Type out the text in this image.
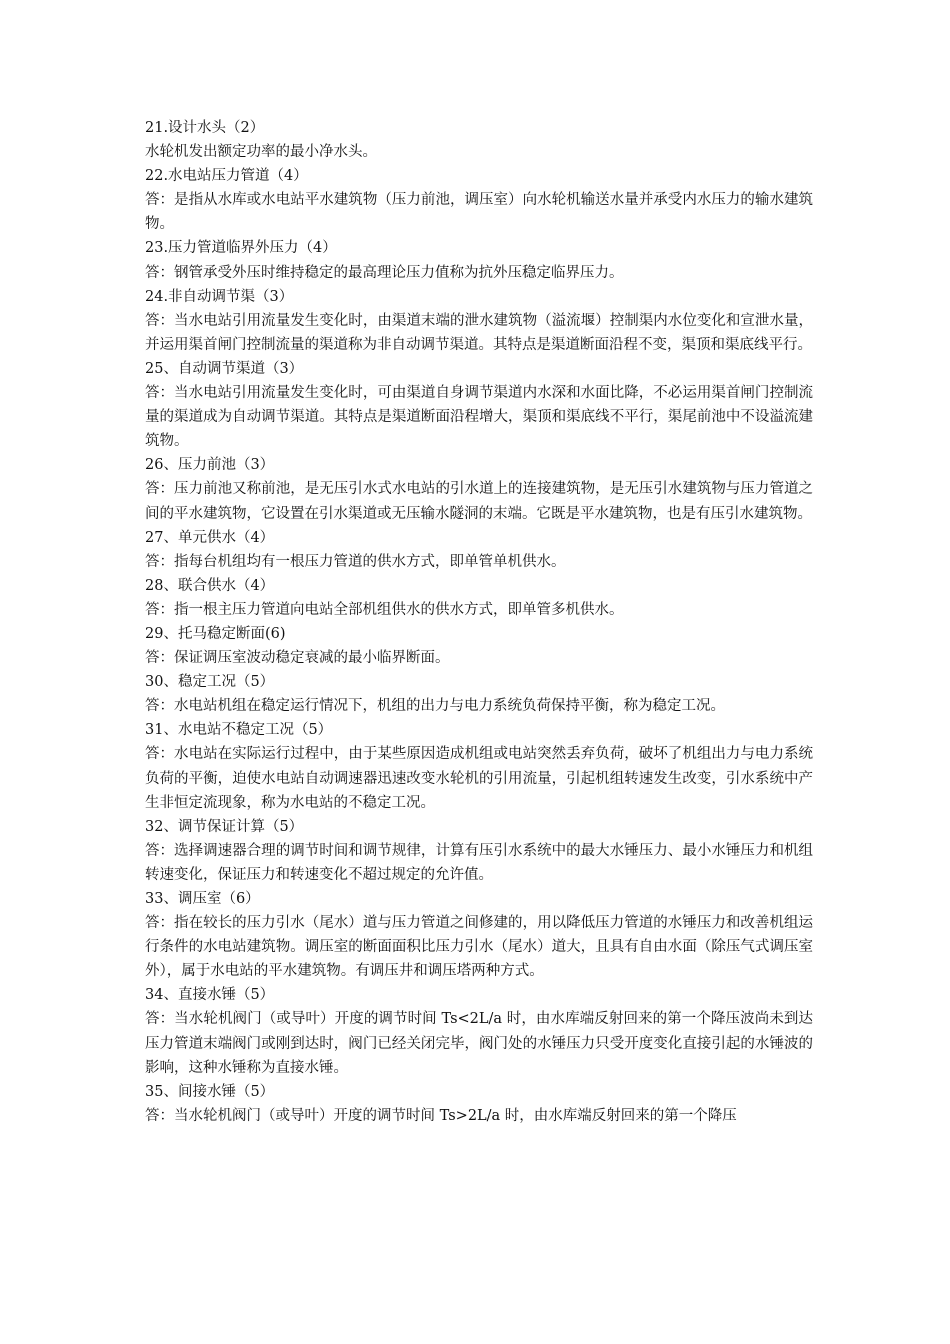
21.设计水头（2）

水轮机发出额定功率的最小净水头。

22.水电站压力管道（4）

答：是指从水库或水电站平水建筑物（压力前池，调压室）向水轮机输送水量并承受内水压力的输水建筑物。

23.压力管道临界外压力（4）

答：钢管承受外压时维持稳定的最高理论压力值称为抗外压稳定临界压力。

24.非自动调节渠（3）

答：当水电站引用流量发生变化时，由渠道末端的泄水建筑物（溢流堰）控制渠内水位变化和宣泄水量，并运用渠首闸门控制流量的渠道称为非自动调节渠道。其特点是渠道断面沿程不变，渠顶和渠底线平行。

25、自动调节渠道（3）

答：当水电站引用流量发生变化时，可由渠道自身调节渠道内水深和水面比降，不必运用渠首闸门控制流量的渠道成为自动调节渠道。其特点是渠道断面沿程增大，渠顶和渠底线不平行，渠尾前池中不设溢流建筑物。

26、压力前池（3）

答：压力前池又称前池，是无压引水式水电站的引水道上的连接建筑物，是无压引水建筑物与压力管道之间的平水建筑物，它设置在引水渠道或无压输水隧洞的末端。它既是平水建筑物，也是有压引水建筑物。

27、单元供水（4）

答：指每台机组均有一根压力管道的供水方式，即单管单机供水。

28、联合供水（4）

答：指一根主压力管道向电站全部机组供水的供水方式，即单管多机供水。

29、托马稳定断面(6)

答：保证调压室波动稳定衰减的最小临界断面。

30、稳定工况（5）

答：水电站机组在稳定运行情况下，机组的出力与电力系统负荷保持平衡，称为稳定工况。

31、水电站不稳定工况（5）

答：水电站在实际运行过程中，由于某些原因造成机组或电站突然丢弃负荷，破坏了机组出力与电力系统负荷的平衡，迫使水电站自动调速器迅速改变水轮机的引用流量，引起机组转速发生改变，引水系统中产生非恒定流现象，称为水电站的不稳定工况。

32、调节保证计算（5）

答：选择调速器合理的调节时间和调节规律，计算有压引水系统中的最大水锤压力、最小水锤压力和机组转速变化，保证压力和转速变化不超过规定的允许值。

33、调压室（6）

答：指在较长的压力引水（尾水）道与压力管道之间修建的，用以降低压力管道的水锤压力和改善机组运行条件的水电站建筑物。调压室的断面面积比压力引水（尾水）道大，且具有自由水面（除压气式调压室外），属于水电站的平水建筑物。有调压井和调压塔两种方式。

34、直接水锤（5）

答：当水轮机阀门（或导叶）开度的调节时间 Ts<2L/a 时，由水库端反射回来的第一个降压波尚未到达压力管道末端阀门或刚到达时，阀门已经关闭完毕，阀门处的水锤压力只受开度变化直接引起的水锤波的影响，这种水锤称为直接水锤。

35、间接水锤（5）

答：当水轮机阀门（或导叶）开度的调节时间 Ts>2L/a 时，由水库端反射回来的第一个降压
